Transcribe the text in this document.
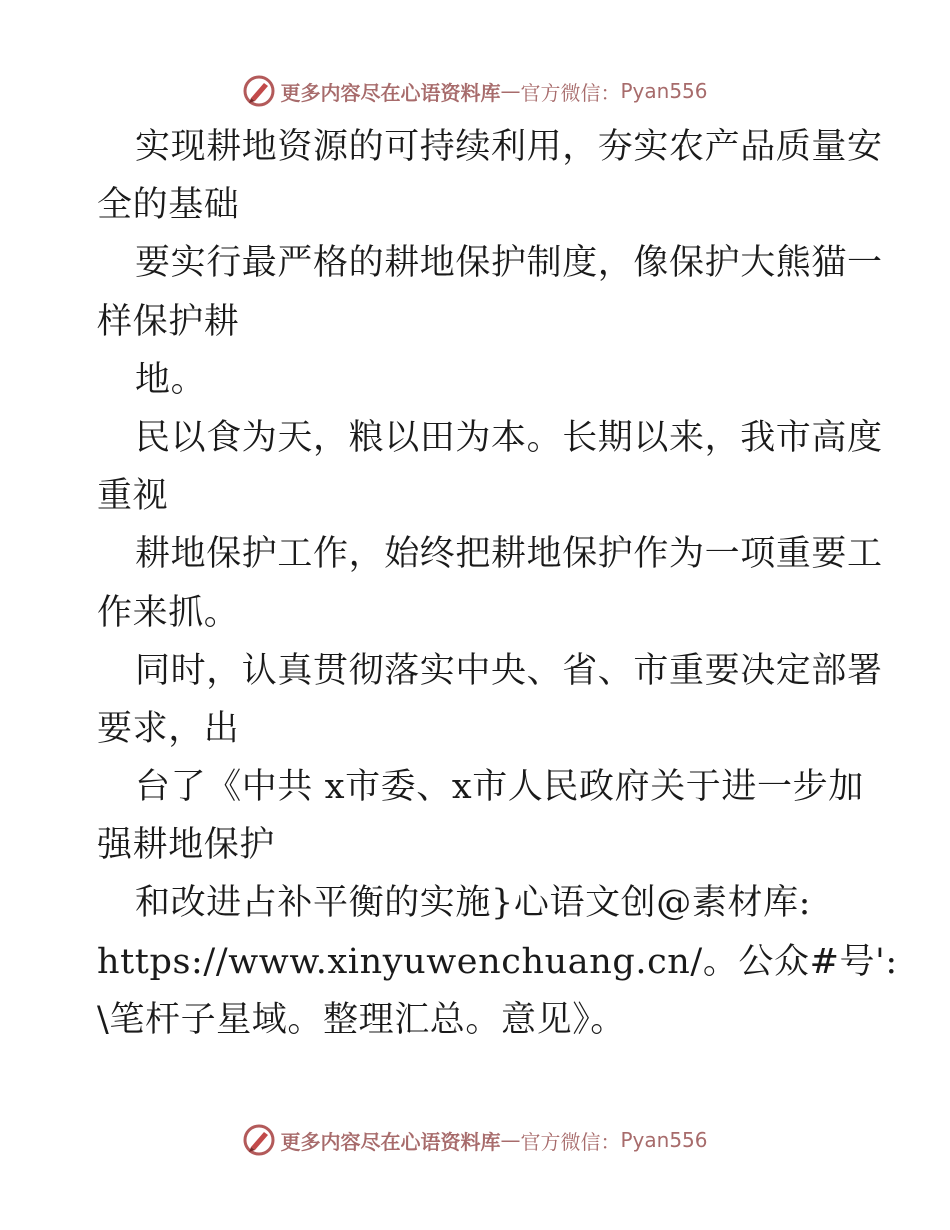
更多内容尽在心语资料库 — 官方微信： Pyan556
实现耕地资源的可持续利用，夯实农产品质量安
全的基础
要实行最严格的耕地保护制度，像保护大熊猫一
样保护耕
地。
民以食为天，粮以田为本。长期以来，我市高度
重视
耕地保护工作，始终把耕地保护作为一项重要工
作来抓。
同时，认真贯彻落实中央、省、市重要决定部署
要求，出
台了《中共 x市委、x市人民政府关于进一步加
强耕地保护
和改进占补平衡的实施}心语文创@素材库:
https://www.xinyuwenchuang.cn/。公众#号':
\笔杆子星域。整理汇总。意见》。
更多内容尽在心语资料库 — 官方微信： Pyan556
